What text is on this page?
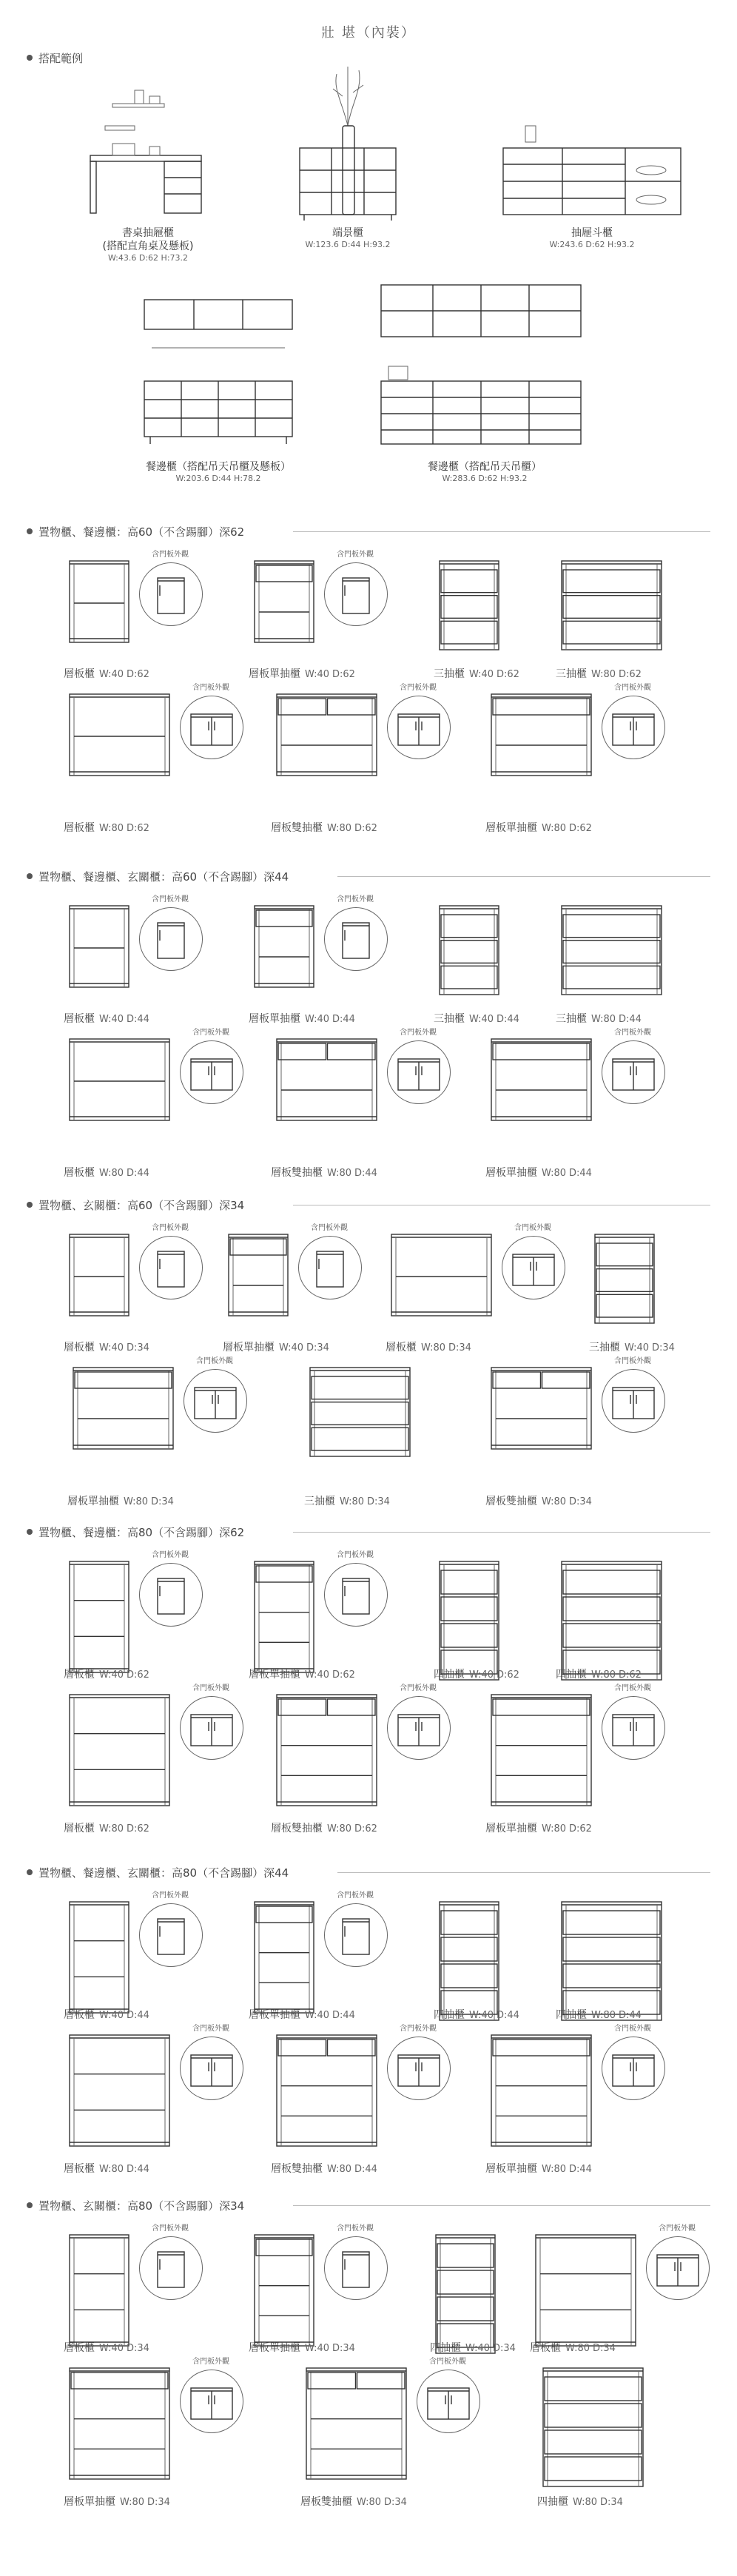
壯 堪（內裝）
搭配範例
書桌抽屜櫃
(搭配直角桌及懸板)
W:43.6 D:62 H:73.2
端景櫃
W:123.6 D:44 H:93.2
抽屜斗櫃
W:243.6 D:62 H:93.2
餐邊櫃（搭配吊天吊櫃及懸板）
W:203.6 D:44 H:78.2
餐邊櫃（搭配吊天吊櫃）
W:283.6 D:62 H:93.2
置物櫃、餐邊櫃：高60（不含踢腳）深62
含門板外觀
層板櫃 W:40 D:62
含門板外觀
層板單抽櫃 W:40 D:62	三抽櫃 W:40 D:62	三抽櫃 W:80 D:62
含門板外觀
層板櫃 W:80 D:62
含門板外觀
層板雙抽櫃 W:80 D:62
含門板外觀
層板單抽櫃 W:80 D:62
置物櫃、餐邊櫃、玄關櫃：高60（不含踢腳）深44
含門板外觀
層板櫃 W:40 D:44
含門板外觀
層板單抽櫃 W:40 D:44	三抽櫃 W:40 D:44	三抽櫃 W:80 D:44
含門板外觀
層板櫃 W:80 D:44
含門板外觀
層板雙抽櫃 W:80 D:44
含門板外觀
層板單抽櫃 W:80 D:44
置物櫃、玄關櫃：高60（不含踢腳）深34
含門板外觀
層板櫃 W:40 D:34
含門板外觀
層板單抽櫃 W:40 D:34
含門板外觀
層板櫃 W:80 D:34	三抽櫃 W:40 D:34
含門板外觀
層板單抽櫃 W:80 D:34	三抽櫃 W:80 D:34
含門板外觀
層板雙抽櫃 W:80 D:34
置物櫃、餐邊櫃：高80（不含踢腳）深62
含門板外觀
層板櫃 W:40 D:62
含門板外觀
層板單抽櫃 W:40 D:62	四抽櫃 W:40 D:62	四抽櫃 W:80 D:62
含門板外觀
層板櫃 W:80 D:62
含門板外觀
層板雙抽櫃 W:80 D:62
含門板外觀
層板單抽櫃 W:80 D:62
置物櫃、餐邊櫃、玄關櫃：高80（不含踢腳）深44
含門板外觀
層板櫃 W:40 D:44
含門板外觀
層板單抽櫃 W:40 D:44	四抽櫃 W:40 D:44	四抽櫃 W:80 D:44
含門板外觀
層板櫃 W:80 D:44
含門板外觀
層板雙抽櫃 W:80 D:44
含門板外觀
層板單抽櫃 W:80 D:44
置物櫃、玄關櫃：高80（不含踢腳）深34
含門板外觀
層板櫃 W:40 D:34
含門板外觀
層板單抽櫃 W:40 D:34	四抽櫃 W:40 D:34
含門板外觀
層板櫃 W:80 D:34
含門板外觀
層板單抽櫃 W:80 D:34
含門板外觀
層板雙抽櫃 W:80 D:34	四抽櫃 W:80 D:34
